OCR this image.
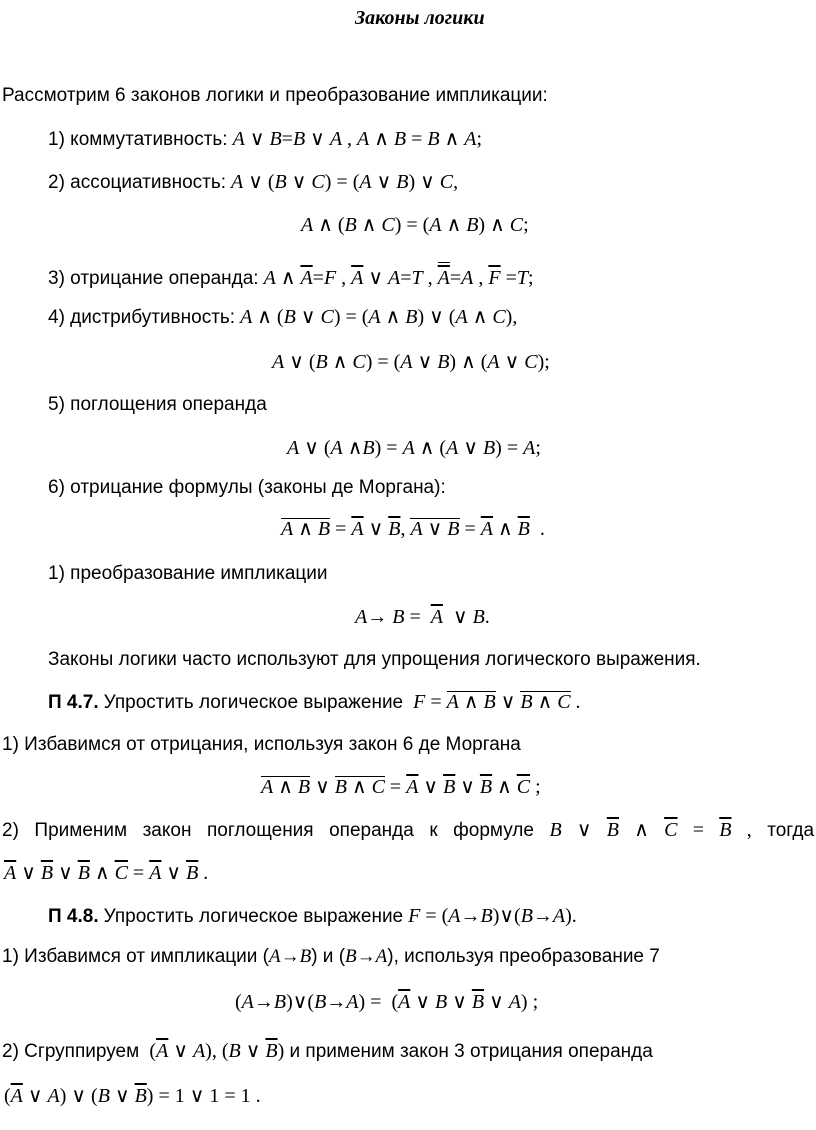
Законы логики
Рассмотрим 6 законов логики и преобразование импликации:
1) коммутативность: A ∨ B=B ∨ A , A ∧ B = B ∧ A;
2) ассоциативность: A ∨ (B ∨ C) = (A ∨ B) ∨ C,
A ∧ (B ∧ C) = (A ∧ B) ∧ C;
3) отрицание операнда: A ∧ $\overline{A}=F$ , $\overline{A}$ ∨ A=T , $\overline{A}=A$ , $\overline{F} =T$;
4) дистрибутивность: A ∧ (B ∨ C) = (A ∧ B) ∨ (A ∧ C),
A ∨ (B ∧ C) = (A ∨ B) ∧ (A ∨ C);
5) поглощения операнда
A ∨ (A ∧B) = A ∧ (A ∨ B) = A;
6) отрицание формулы (законы де Моргана):
A ∧ $B = \overline{A}$ ∨ $\overline{B}$, A ∨ $B = \overline{A}$ ∧ $\overline{B}$  .
1) преобразование импликации
$A\to B = \overline{A}$  ∨ B.
Законы логики часто используют для упрощения логического выражения.
П 4.7. Упростить логическое выражение F = A ∧ B ∨ B ∧ C .
1) Избавимся от отрицания, используя закон 6 де Моргана
A ∧ B ∨ B ∧ $C = \overline{A}$ ∨ $\overline{B}$ ∨ $\overline{B}$ ∧ $\overline{C}$ ;
2) Применим закон поглощения операнда к формуле B ∨ $\overline{B}$ ∧ $\overline{C} = \overline{B}$ , тогда
$\overline{A}$ ∨ $\overline{B}$ ∨ $\overline{B}$ ∧ $\overline{C} = \overline{A}$ ∨ $\overline{B}$ .
П 4.8. Упростить логическое выражение F = (A→B)∨(B→A).
1) Избавимся от импликации (A→B) и (B→A), используя преобразование 7
(A→B)∨(B→A) =  ($\overline{A}$ ∨ B ∨ $\overline{B}$ ∨ A) ;
2) Сгруппируем  ($\overline{A}$ ∨ A), (B ∨ $\overline{B}$) и применим закон 3 отрицания операнда
($\overline{A}$ ∨ A) ∨ (B ∨ $\overline{B}) = 1$ ∨ 1 = 1 .
